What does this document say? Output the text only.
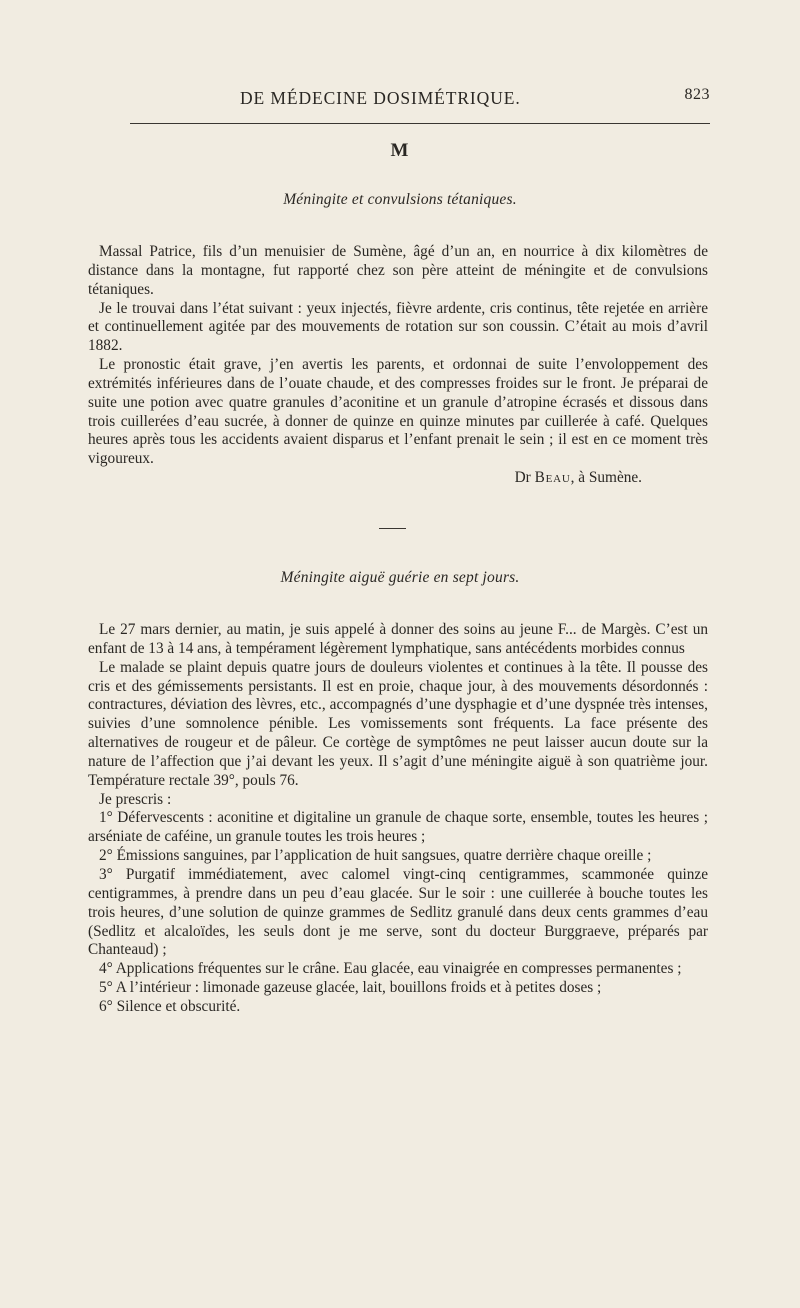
DE MÉDECINE DOSIMÉTRIQUE.	823
M
Méningite et convulsions tétaniques.

Massal Patrice, fils d’un menuisier de Sumène, âgé d’un an, en nourrice à dix kilomètres de distance dans la montagne, fut rapporté chez son père atteint de méningite et de convulsions tétaniques.

Je le trouvai dans l’état suivant : yeux injectés, fièvre ardente, cris continus, tête rejetée en arrière et continuellement agitée par des mouvements de rotation sur son coussin. C’était au mois d’avril 1882.

Le pronostic était grave, j’en avertis les parents, et ordonnai de suite l’envoloppement des extrémités inférieures dans de l’ouate chaude, et des compresses froides sur le front. Je préparai de suite une potion avec quatre granules d’aconitine et un granule d’atropine écrasés et dissous dans trois cuillerées d’eau sucrée, à donner de quinze en quinze minutes par cuillerée à café. Quelques heures après tous les accidents avaient disparus et l’enfant prenait le sein ; il est en ce moment très vigoureux.

Dr Beau, à Sumène.

Méningite aiguë guérie en sept jours.

Le 27 mars dernier, au matin, je suis appelé à donner des soins au jeune F... de Margès. C’est un enfant de 13 à 14 ans, à tempérament légèrement lymphatique, sans antécédents morbides connus

Le malade se plaint depuis quatre jours de douleurs violentes et continues à la tête. Il pousse des cris et des gémissements persistants. Il est en proie, chaque jour, à des mouvements désordonnés : contractures, déviation des lèvres, etc., accompagnés d’une dysphagie et d’une dyspnée très intenses, suivies d’une somnolence pénible. Les vomissements sont fréquents. La face présente des alternatives de rougeur et de pâleur. Ce cortège de symptômes ne peut laisser aucun doute sur la nature de l’affection que j’ai devant les yeux. Il s’agit d’une méningite aiguë à son quatrième jour. Température rectale 39°, pouls 76.

Je prescris :

1° Défervescents : aconitine et digitaline un granule de chaque sorte, ensemble, toutes les heures ; arséniate de caféine, un granule toutes les trois heures ;

2° Émissions sanguines, par l’application de huit sangsues, quatre derrière chaque oreille ;

3° Purgatif immédiatement, avec calomel vingt-cinq centigrammes, scammonée quinze centigrammes, à prendre dans un peu d’eau glacée. Sur le soir : une cuillerée à bouche toutes les trois heures, d’une solution de quinze grammes de Sedlitz granulé dans deux cents grammes d’eau (Sedlitz et alcaloïdes, les seuls dont je me serve, sont du docteur Burggraeve, préparés par Chanteaud) ;

4° Applications fréquentes sur le crâne. Eau glacée, eau vinaigrée en compresses permanentes ;

5° A l’intérieur : limonade gazeuse glacée, lait, bouillons froids et à petites doses ;

6° Silence et obscurité.
